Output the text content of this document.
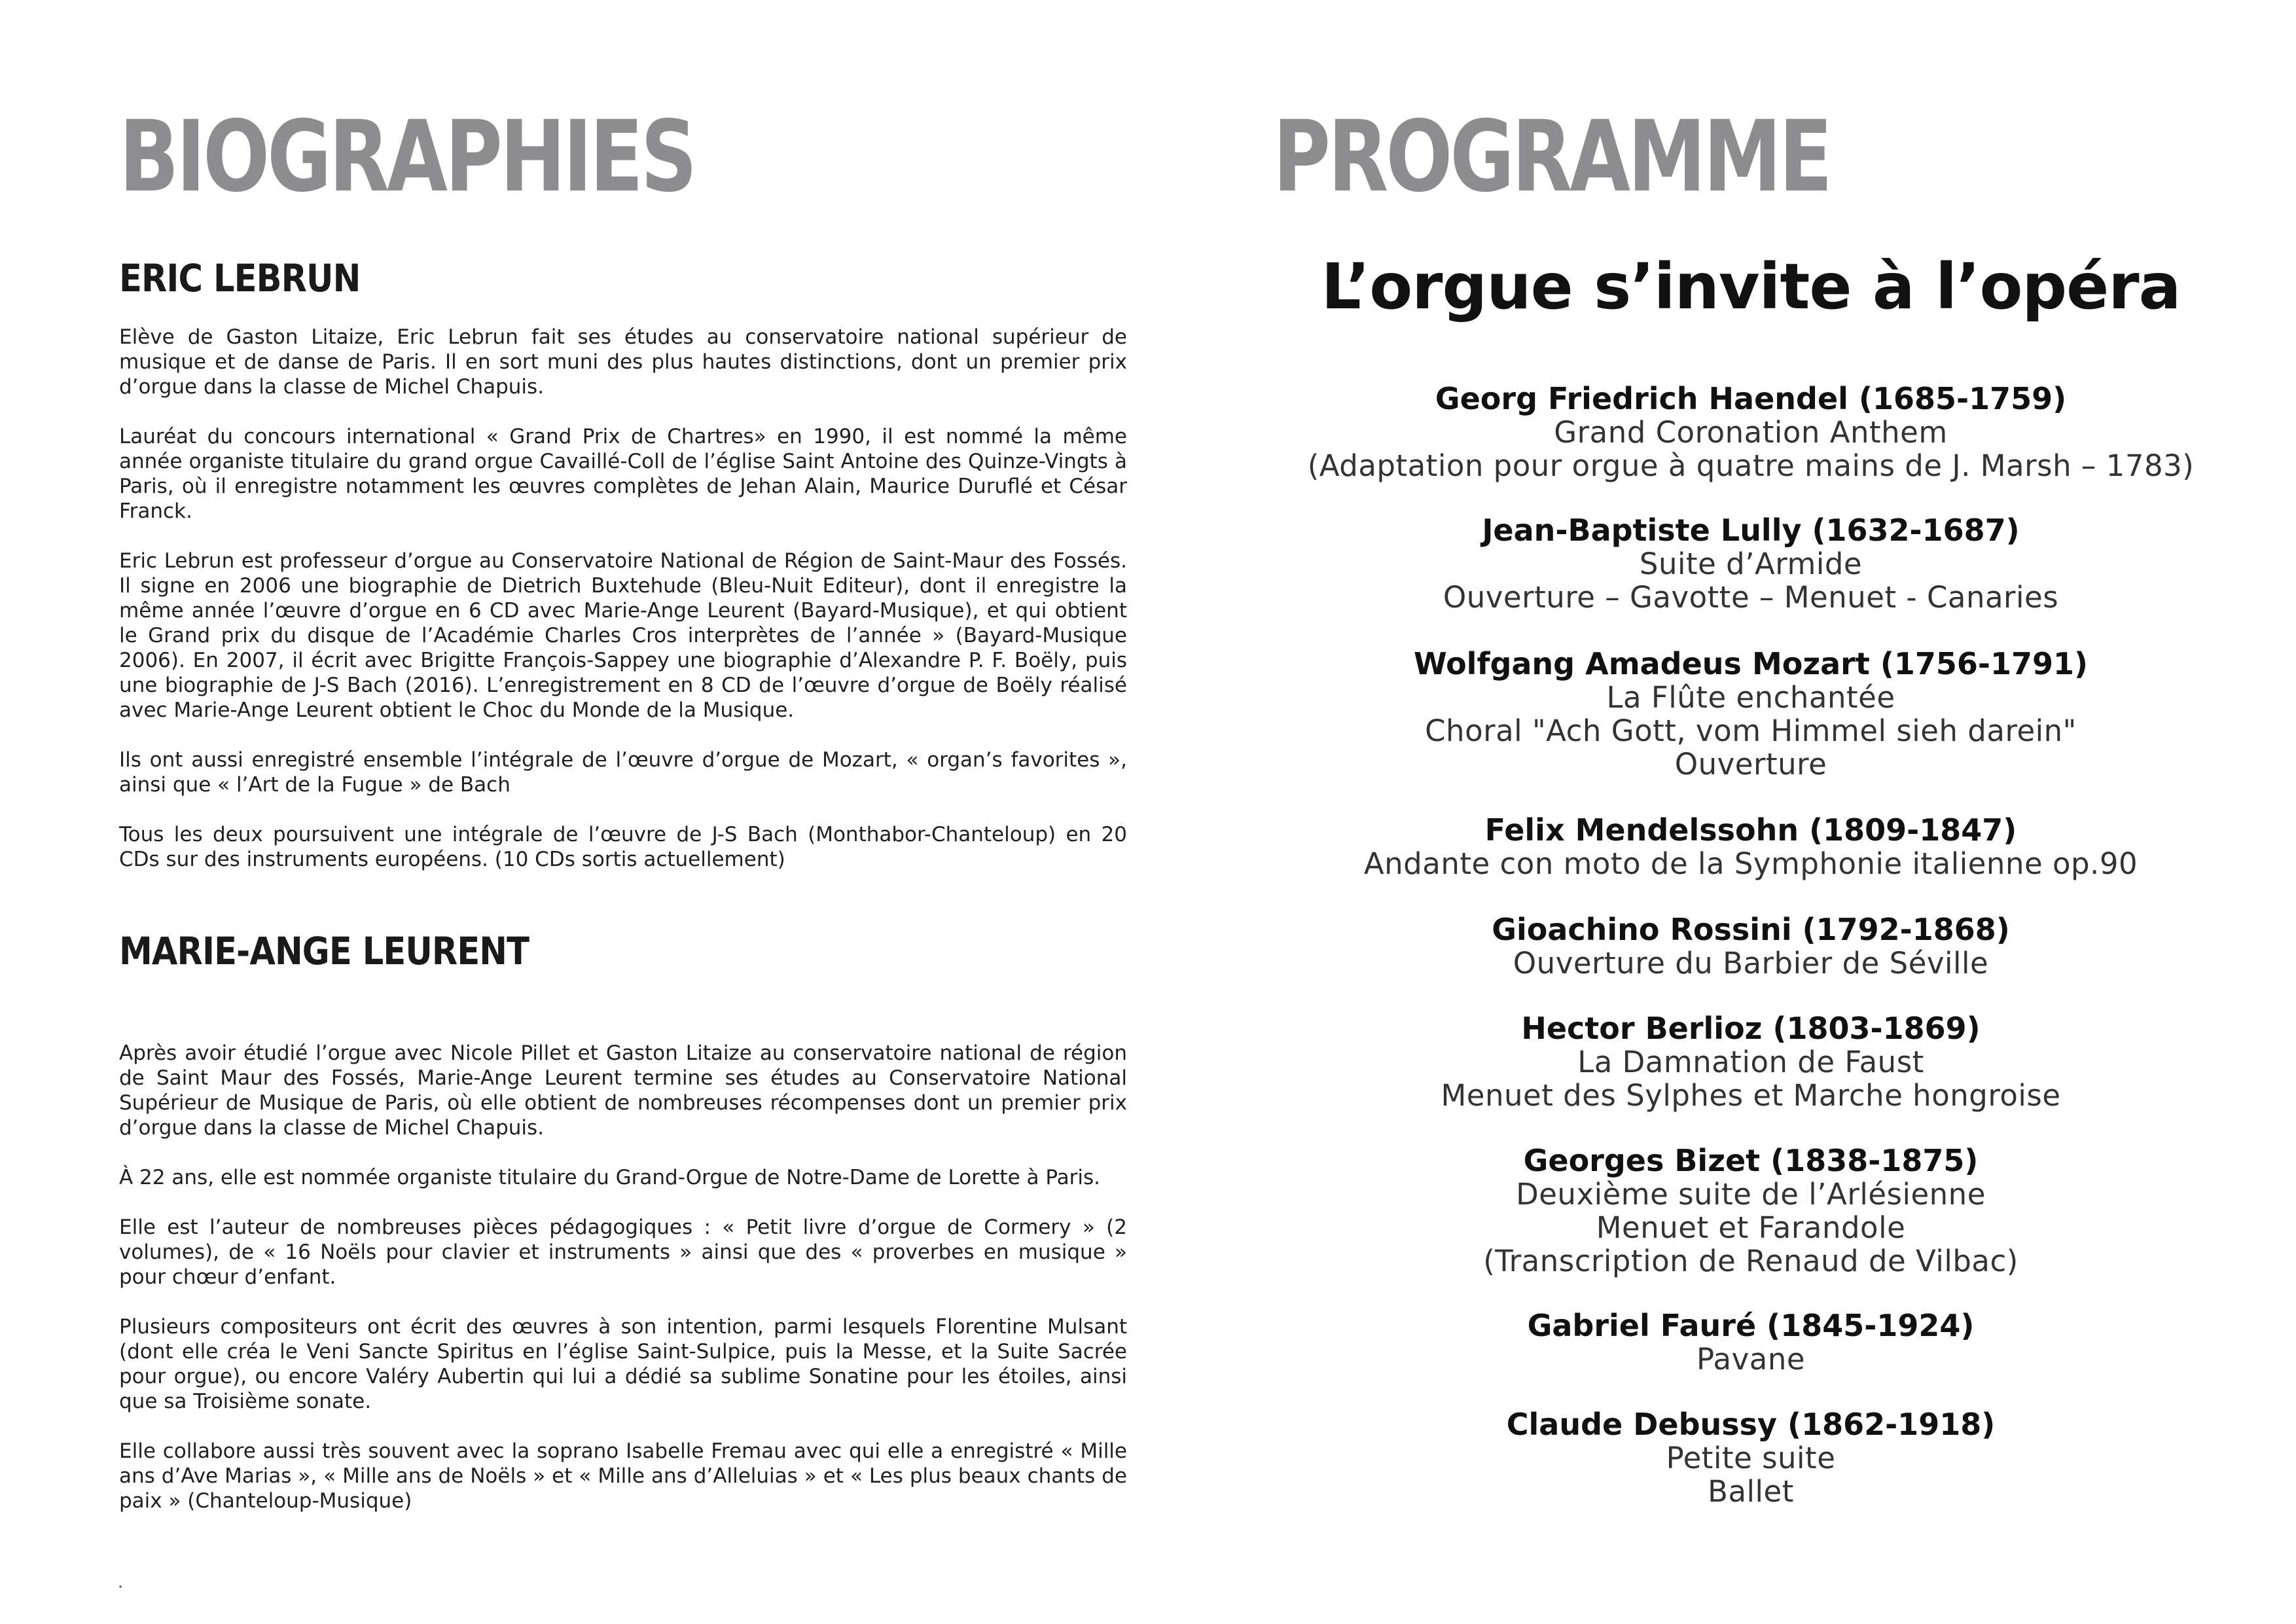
BIOGRAPHIES
ERIC LEBRUN

Elève de Gaston Litaize, Eric Lebrun fait ses études au conservatoire national supérieur de musique et de danse de Paris. Il en sort muni des plus hautes distinctions, dont un premier prix d’orgue dans la classe de Michel Chapuis.

Lauréat du concours international « Grand Prix de Chartres» en 1990, il est nommé la même année organiste titulaire du grand orgue Cavaillé-Coll de l’église Saint Antoine des Quinze-Vingts à Paris, où il enregistre notamment les œuvres complètes de Jehan Alain, Maurice Duruflé et César Franck.

Eric Lebrun est professeur d’orgue au Conservatoire National de Région de Saint-Maur des Fossés. Il signe en 2006 une biographie de Dietrich Buxtehude (Bleu-Nuit Editeur), dont il enregistre la même année l’œuvre d’orgue en 6 CD avec Marie-Ange Leurent (Bayard-Musique), et qui obtient le Grand prix du disque de l’Académie Charles Cros interprètes de l’année » (Bayard-Musique 2006). En 2007, il écrit avec Brigitte François-Sappey une biographie d’Alexandre P. F. Boëly, puis une biographie de J-S Bach (2016). L’enregistrement en 8 CD de l’œuvre d’orgue de Boëly réalisé avec Marie-Ange Leurent obtient le Choc du Monde de la Musique.

Ils ont aussi enregistré ensemble l’intégrale de l’œuvre d’orgue de Mozart, « organ’s favorites », ainsi que « l’Art de la Fugue » de Bach

Tous les deux poursuivent une intégrale de l’œuvre de J-S Bach (Monthabor-Chanteloup) en 20 CDs sur des instruments européens. (10 CDs sortis actuellement)

MARIE-ANGE LEURENT

Après avoir étudié l’orgue avec Nicole Pillet et Gaston Litaize au conservatoire national de région de Saint Maur des Fossés, Marie-Ange Leurent termine ses études au Conservatoire National Supérieur de Musique de Paris, où elle obtient de nombreuses récompenses dont un premier prix d’orgue dans la classe de Michel Chapuis.

À 22 ans, elle est nommée organiste titulaire du Grand-Orgue de Notre-Dame de Lorette à Paris.

Elle est l’auteur de nombreuses pièces pédagogiques : « Petit livre d’orgue de Cormery » (2 volumes), de « 16 Noëls pour clavier et instruments » ainsi que des « proverbes en musique » pour chœur d’enfant.

Plusieurs compositeurs ont écrit des œuvres à son intention, parmi lesquels Florentine Mulsant (dont elle créa le Veni Sancte Spiritus en l’église Saint-Sulpice, puis la Messe, et la Suite Sacrée pour orgue), ou encore Valéry Aubertin qui lui a dédié sa sublime Sonatine pour les étoiles, ainsi que sa Troisième sonate.

Elle collabore aussi très souvent avec la soprano Isabelle Fremau avec qui elle a enregistré « Mille ans d’Ave Marias », « Mille ans de Noëls » et « Mille ans d’Alleluias » et « Les plus beaux chants de paix » (Chanteloup-Musique)

PROGRAMME
L’orgue s’invite à l’opéra
Georg Friedrich Haendel (1685-1759)
Grand Coronation Anthem
(Adaptation pour orgue à quatre mains de J. Marsh – 1783)
Jean-Baptiste Lully (1632-1687)
Suite d’Armide
Ouverture – Gavotte – Menuet - Canaries
Wolfgang Amadeus Mozart (1756-1791)
La Flûte enchantée
Choral "Ach Gott, vom Himmel sieh darein"
Ouverture
Felix Mendelssohn (1809-1847)
Andante con moto de la Symphonie italienne op.90
Gioachino Rossini (1792-1868)
Ouverture du Barbier de Séville
Hector Berlioz (1803-1869)
La Damnation de Faust
Menuet des Sylphes et Marche hongroise
Georges Bizet (1838-1875)
Deuxième suite de l’Arlésienne
Menuet et Farandole
(Transcription de Renaud de Vilbac)
Gabriel Fauré (1845-1924)
Pavane
Claude Debussy (1862-1918)
Petite suite
Ballet
